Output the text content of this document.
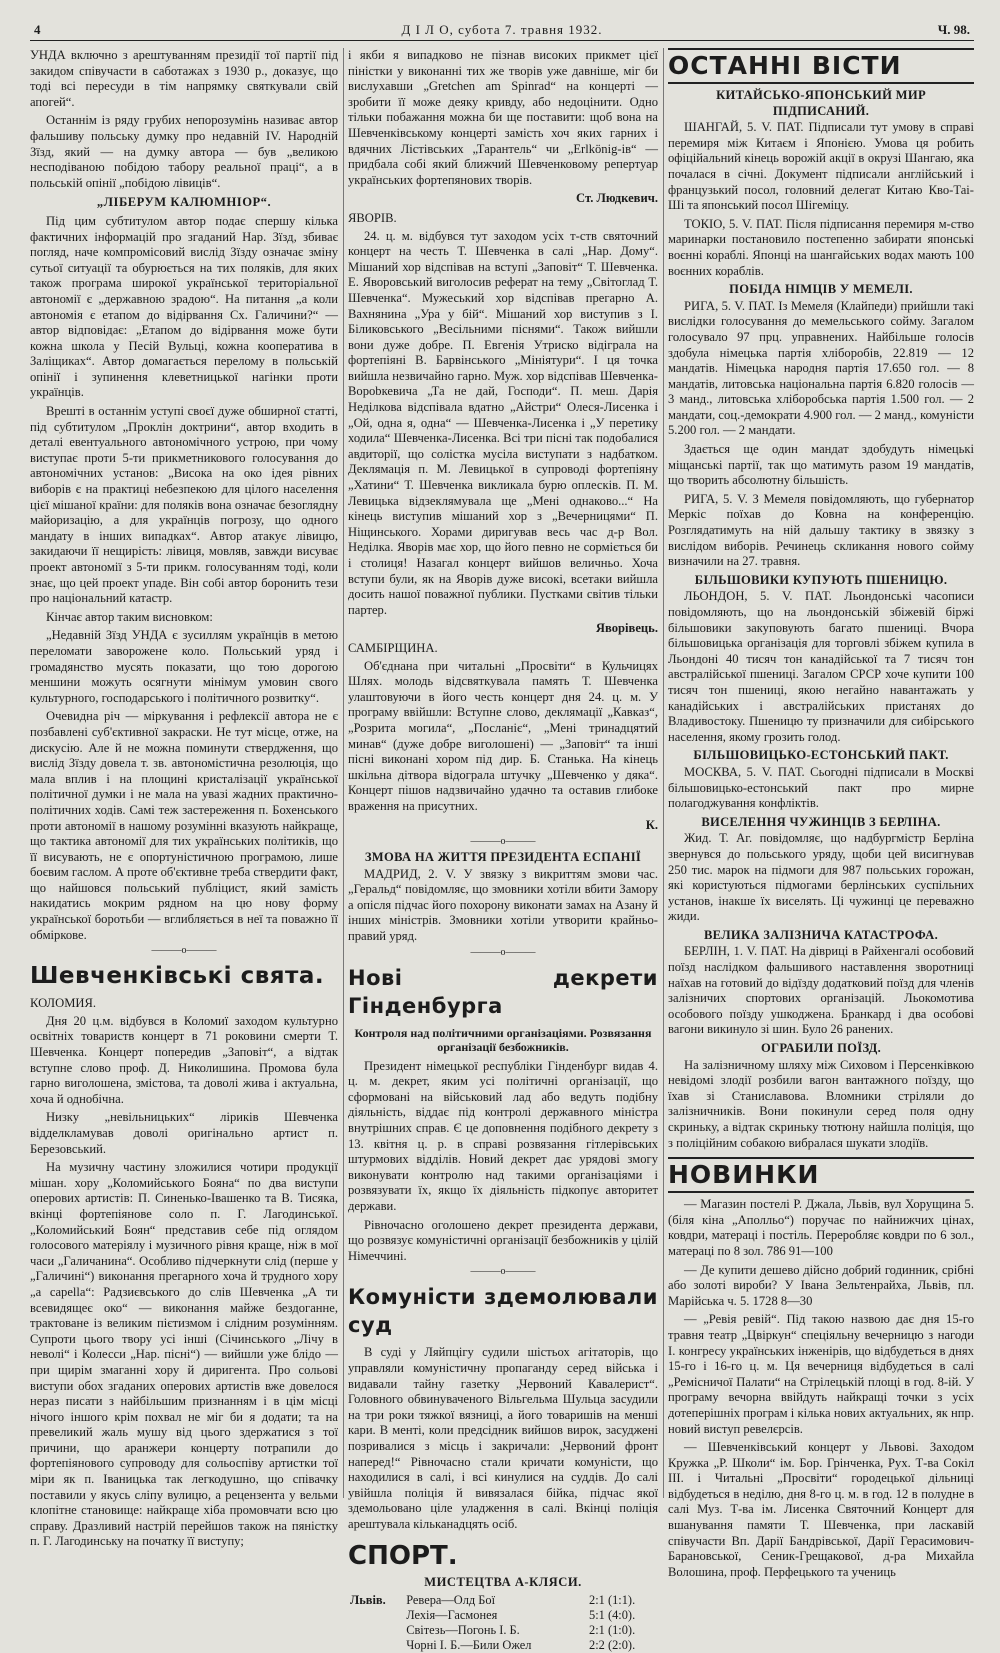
4	Д І Л О, субота 7. травня 1932.	Ч. 98.

УНДА включно з арештуванням президії тої партії під закидом співучасти в саботажах з 1930 р., доказує, що тоді всі пересуди в тім напрямку святкували свій апогей“.

Останнім із ряду грубих непорозумінь називає автор фальшиву польську думку про недавній IV. Народній Зїзд, який — на думку автора — був „великою несподіваною побідою табору реальної праці“, а в польській опінії „побідою лівиців“.

„ЛІБЕРУМ КАЛЮМНІОР“.

Під цим субтитулом автор подає спершу кілька фактичних інформацій про згаданий Нар. Зїзд, збиває погляд, наче компромісовий вислід Зїзду означає зміну сутьої ситуації та обурюється на тих поляків, для яких також програма широкої української територіальної автономії є „державною зрадою“. На питання „а коли автономія є етапом до відірвання Сх. Галичини?“ — автор відповідає: „Етапом до відірвання може бути кожна школа у Песій Вульці, кожна кооператива в Заліщиках“. Автор домагається перелому в польській опінії і зупинення клеветницької нагінки проти українців.

Врешті в останнім уступі своєї дуже обширної статті, під субтитулом „Проклін доктрини“, автор входить в деталі евентуального автономічного устрою, при чому виступає проти 5-ти прикметникового голосування до автономічних установ: „Висока на око ідея рівних виборів є на практиці небезпекою для цілого населення цієї мішаної країни: для поляків вона означає безоглядну майоризацію, а для українців погрозу, що одного мандату в інших випадках“. Автор атакує лівицю, закидаючи її нещирість: лівиця, мовляв, завжди висуває проект автономії з 5-ти прикм. голосуванням тоді, коли знає, що цей проект упаде. Він собі автор боронить тези про національний катастр.

Кінчає автор таким висновком:

„Недавній Зїзд УНДА є зусиллям українців в метою переломати заворожене коло. Польський уряд і громадянство мусять показати, що тою дорогою меншини можуть осягнути мінімум умовин свого культурного, господарського і політичного розвитку“.

Очевидна річ — міркування і рефлексії автора не є позбавлені суб'єктивної закраски. Не тут місце, отже, на дискусію. Але й не можна поминути ствердження, що вислід Зїзду довела т. зв. автономістична резолюція, що мала вплив і на площині кристалізації української політичної думки і не мала на увазі жадних практично-політичних ходів. Самі теж застереження п. Бохенського проти автономії в нашому розумінні вказують найкраще, що тактика автономії для тих українських політиків, що її висувають, не є опортуністичною програмою, лише боєвим гаслом. А проте об'єктивне треба ствердити факт, що найшовся польський публіцист, який замість накидатись мокрим рядном на цю нову форму української боротьби — вглибляється в неї та поважно її обміркове.

———o———
Шевченківські свята.
КОЛОМИЯ.

Дня 20 ц.м. відбувся в Коломиї заходом культурно освітніх товариств концерт в 71 роковини смерти Т. Шевченка. Концерт попередив „Заповіт“, а відтак вступне слово проф. Д. Николишина. Промова була гарно виголошена, змістова, та доволі жива і актуальна, хоча й однобічна.

Низку „невільницьких“ ліриків Шевченка відделкламував доволі оригінально артист п. Березовський.

На музичну частину зложилися чотири продукції мішан. хору „Коломийського Бояна“ по два виступи оперових артистів: П. Синенько-Івашенко та В. Тисяка, вкінці фортепіянове соло п. Г. Лагодинської. „Коломийський Боян“ представив себе під оглядом голосового матеріялу і музичного рівня краще, ніж в мої часи „Галичанина“. Особливо підчеркнути слід (перше у „Галичині“) виконання прегарного хоча й трудного хору „a capella“: Радзиєвського до слів Шевченка „А ти всевидящеє око“ — виконання майже бездоганне, трактоване із великим пієтизмом і слідним розумінням. Супроти цього твору усі інші (Січинського „Лічу в неволі“ і Колесси „Нар. пісні“) — вийшли уже блідо — при щирім змаганні хору й диригента. Про сольові виступи обох згаданих оперових артистів вже довелося нераз писати з найбільшим признанням і в цім місці нічого іншого крім похвал не міг би я додати; та на превеликий жаль мушу від цього здержатися з тої причини, що аранжери концерту потрапили до фортепіянового супроводу для сольоспіву артистки тої міри як п. Іваницька так легкодушно, що співачку поставили у якусь сліпу вулицю, а рецензента у вельми клопітне становище: найкраще хіба промовчати всю цю справу. Дразливий настрій перейшов також на пяністку п. Г. Лагодинську на початку її виступу;

і якби я випадково не пізнав високих прикмет цієї піністки у виконанні тих же творів уже давніше, міг би вислухавши „Gretchen am Spinrad“ на концерті — зробити її може деяку кривду, або недоцінити. Одно тільки побажання можна би ще поставити: щоб вона на Шевченківському концерті замість хоч яких гарних і вдячних Лістівських „Тарантель“ чи „Erlkönig-ів“ — придбала собі який ближчий Шевченковому репертуар українських фортепянових творів.

Ст. Людкевич.
ЯВОРІВ.

24. ц. м. відбувся тут заходом усіх т-ств святочний концерт на честь Т. Шевченка в салі „Нар. Дому“. Мішаний хор відспівав на вступі „Заповіт“ Т. Шевченка. Е. Яворовський виголосив реферат на тему „Світоглад Т. Шевченка“. Мужеський хор відспівав прегарно А. Вахнянина „Ура у бій“. Мішаний хор виступив з І. Біликовського „Весільними піснями“. Також вийшли вони дуже добре. П. Евгенія Утриско відіграла на фортепіяні В. Барвінського „Мініятури“. І ця точка вийшла незвичайно гарно. Муж. хор відспівав Шевченка-Ворobкевича „Та не дай, Господи“. П. меш. Дарія Неділкова відспівала вдатно „Айстри“ Олеся-Лисенка і „Ой, одна я, одна“ — Шевченка-Лисенка і „У перетику ходила“ Шевченка-Лисенка. Всі три пісні так подобалися авдиторії, що солістка мусіла виступати з надбатком. Деклямація п. М. Левицької в супроводі фортепіяну „Хатини“ Т. Шевченка викликала бурю оплесків. П. М. Левицька відзеклямувала ще „Мені однаково...“ На кінець виступив мішаний хор з „Вечерницями“ П. Ніщинського. Хорами диригував весь час д-р Вол. Неділка. Яворів має хор, що його певно не сорміється би і столиця! Назагал концерт вийшов величньо. Хоча вступи були, як на Яворів дуже високі, всетаки вийшла досить нашої поважної публики. Пустками світив тільки партер.

Яворівець.
САМБІРЩИНА.

Об'єднана при читальні „Просвіти“ в Кульчицях Шлях. молодь відсвяткувала память Т. Шевченка улаштовуючи в його честь концерт дня 24. ц. м. У програму ввійшли: Вступне слово, деклямації „Кавказ“, „Розрита могила“, „Посланіє“, „Мені тринадцятий минав“ (дуже добре виголошені) — „Заповіт“ та інші пісні виконані хором під дир. Б. Станька. На кінець шкільна дітвора відограла штучку „Шевченко у дяка“. Концерт пішов надзвичайно удачно та оставив глибоке враження на присутних.

К.
———o———
ЗМОВА НА ЖИТТЯ ПРЕЗИДЕНТА ЕСПАНІЇ

МАДРИД, 2. V. У звязку з викриттям змови час. „Геральд“ повідомляє, що змовники хотіли вбити Замору а опісля підчас його похорону виконати замах на Азану й інших міністрів. Змовники хотіли утворити крайньо-правий уряд.

———o———
Нові декрети Гінденбурга
Контроля над політичними організаціями. Розвязання організації безбожників.

Президент німецької республіки Гінденбург видав 4. ц. м. декрет, яким усі політичні організації, що сформовані на військовий лад або ведуть подібну діяльність, віддає під контролі державного міністра внутрішних справ. Є це доповнення подібного декрету з 13. квітня ц. р. в справі розвязання гітлерівських штурмових відділів. Новий декрет дає урядові змогу виконувати контролю над такими організаціями і розвязувати їх, якщо їх діяльність підкопує авторитет держави.

Рівночасно оголошено декрет президента держави, що розвязує комуністичні організації безбожників у цілій Німеччині.

———o———
Комуністи здемолювали суд

В суді у Ляйпцігу судили шістьох агітаторів, що управляли комуністичну пропаганду серед війська і видавали тайну газетку „Червоний Кавалерист“. Головного обвинуваченого Вільгельма Шульца засудили на три роки тяжкої вязниці, а його товаришів на менші кари. В менті, коли предсідник вийшов вирок, засуджені позривалися з місць і закричали: „Червоний фронт наперед!“ Рівночасно стали кричати комуністи, що находилися в салі, і всі кинулися на суддів. До салі увійшла поліція й вивязалася бійка, підчас якої здемольовано ціле уладження в салі. Вкінці поліція арештувала кільканадцять осіб.

СПОРТ.
МИСТЕЦТВА А-КЛЯСИ.
Львів.	Ревера—Олд Бої	2:1 (1:1).
	Лехія—Гасмонея	5:1 (4:0).
	Світезь—Погонь І. Б.	2:1 (1:0).
	Чорні І. Б.—Били Ожел	2:2 (2:0).
ОСТАННІ ВІСТИ
КИТАЙСЬКО-ЯПОНСЬКИЙ МИР ПІДПИСАНИЙ.

ШАНГАЙ, 5. V. ПАТ. Підписали тут умову в справі перемиря між Китаєм і Японією. Умова ця робить офіційальний кінець ворожій акції в окрузі Шангаю, яка почалася в січні. Документ підписали англійський і французький посол, головний делегат Китаю Кво-Таі-Ші та японський посол Шігеміцу.

ТОКІО, 5. V. ПАТ. Після підписання перемиря м-ство маринарки постановило постепенно забирати японські воєнні кораблі. Японці на шангайських водах мають 100 воєнних кораблів.

ПОБІДА НІМЦІВ У МЕМЕЛІ.

РИГА, 5. V. ПАТ. Із Мемеля (Клайпеди) прийшли такі вислідки голосування до мемельського сойму. Загалом голосувало 97 прц. управнених. Найбільше голосів здобула німецька партія хліборобів, 22.819 — 12 мандатів. Німецька народня партія 17.650 гол. — 8 мандатів, литовська національна партія 6.820 голосів — 3 манд., литовська хліборобська партія 1.500 гол. — 2 мандати, соц.-демократи 4.900 гол. — 2 манд., комуністи 5.200 гол. — 2 мандати.

Здається ще один мандат здобудуть німецькі міщанські партії, так що матимуть разом 19 мандатів, що творить абсолютну більшість.

РИГА, 5. V. З Мемеля повідомляють, що губернатор Меркіс поїхав до Ковна на конференцію. Розглядатимуть на ній дальшу тактику в звязку з вислідом виборів. Речинець скликання нового сойму визначили на 27. травня.

БІЛЬШОВИКИ КУПУЮТЬ ПШЕНИЦЮ.

ЛЬОНДОН, 5. V. ПАТ. Льондонські часописи повідомляють, що на льондонській збіжевій біржі більшовики закуповують багато пшениці. Вчора більшовицька організація для торговлі збіжем купила в Льондоні 40 тисяч тон канадійської та 7 тисяч тон австралійської пшениці. Загалом СРСР хоче купити 100 тисяч тон пшениці, якою негайно навантажать у канадійських і австралійських пристанях до Владивостоку. Пшеницю ту призначили для сибірського населення, якому грозить голод.

БІЛЬШОВИЦЬКО-ЕСТОНСЬКИЙ ПАКТ.

МОСКВА, 5. V. ПАТ. Сьогодні підписали в Москві більшовицько-естонський пакт про мирне полагоджування конфліктів.

ВИСЕЛЕННЯ ЧУЖИНЦІВ З БЕРЛІНА.

Жид. Т. Аг. повідомляє, що надбургмістр Берліна звернувся до польського уряду, щоби цей висигнував 250 тис. марок на підмоги для 987 польських горожан, які користуються підмогами берлінських суспільних установ, інакше їх виселять. Ці чужинці це переважно жиди.

ВЕЛИКА ЗАЛІЗНИЧА КАТАСТРОФА.

БЕРЛІН, 1. V. ПАТ. На дівриці в Райхенгалі особовий поїзд наслідком фальшивого наставлення зворотниці наїхав на готовий до відїзду додатковий поїзд для членів залізничих спортових організацій. Льокомотива особового поїзду ушкоджена. Бранкард і два особові вагони викинуло зі шин. Було 26 ранених.

ОГРАБИЛИ ПОЇЗД.

На залізничному шляху між Сиховом і Персенківкою невідомі злодії розбили вагон вантажного поїзду, що їхав зі Станиславова. Вломники стріляли до залізничників. Вони покинули серед поля одну скриньку, а відтак скриньку тютюну найшла поліція, що з поліційним собакою вибралася шукати злодіїв.

НОВИНКИ

— Магазин постелі Р. Джала, Львів, вул Хорущина 5. (біля кіна „Аполльо“) поручає по найнижчих цінах, ковдри, матераці і постіль. Переробляє ковдри по 6 зол., матераці по 8 зол. 786 91—100

— Де купити дешево дійсно добрий годинник, срібні або золоті вироби? У Івана Зельтенрайха, Львів, пл. Марійська ч. 5. 1728 8—30

— „Ревія ревій“. Під такою назвою дає дня 15-го травня театр „Цвіркун“ спеціяльну вечерницю з нагоди I. конгресу українських інженірів, що відбудеться в днях 15-го і 16-го ц. м. Ця вечерниця відбудеться в салі „Ремісничої Палати“ на Стрілецькій площі в год. 8-ій. У програму вечорна ввійдуть найкращі точки з усіх дотеперішніх програм і кілька нових актуальних, як нпр. новий виступ ревелєрсів.

— Шевченківський концерт у Львові. Заходом Кружка „Р. Школи“ ім. Бор. Грінченка, Рух. Т-ва Сокіл ІІІ. і Читальні „Просвіти“ городецької дільниці відбудеться в неділю, дня 8-го ц. м. в год. 12 в полудне в салі Муз. Т-ва ім. Лисенка Святочний Концерт для вшанування памяти Т. Шевченка, при ласкавій співучасти Вп. Дарії Бандрівської, Дарії Герасимович-Барановської, Сеник-Грещакової, д-ра Михайла Волошина, проф. Перфецького та учениць
